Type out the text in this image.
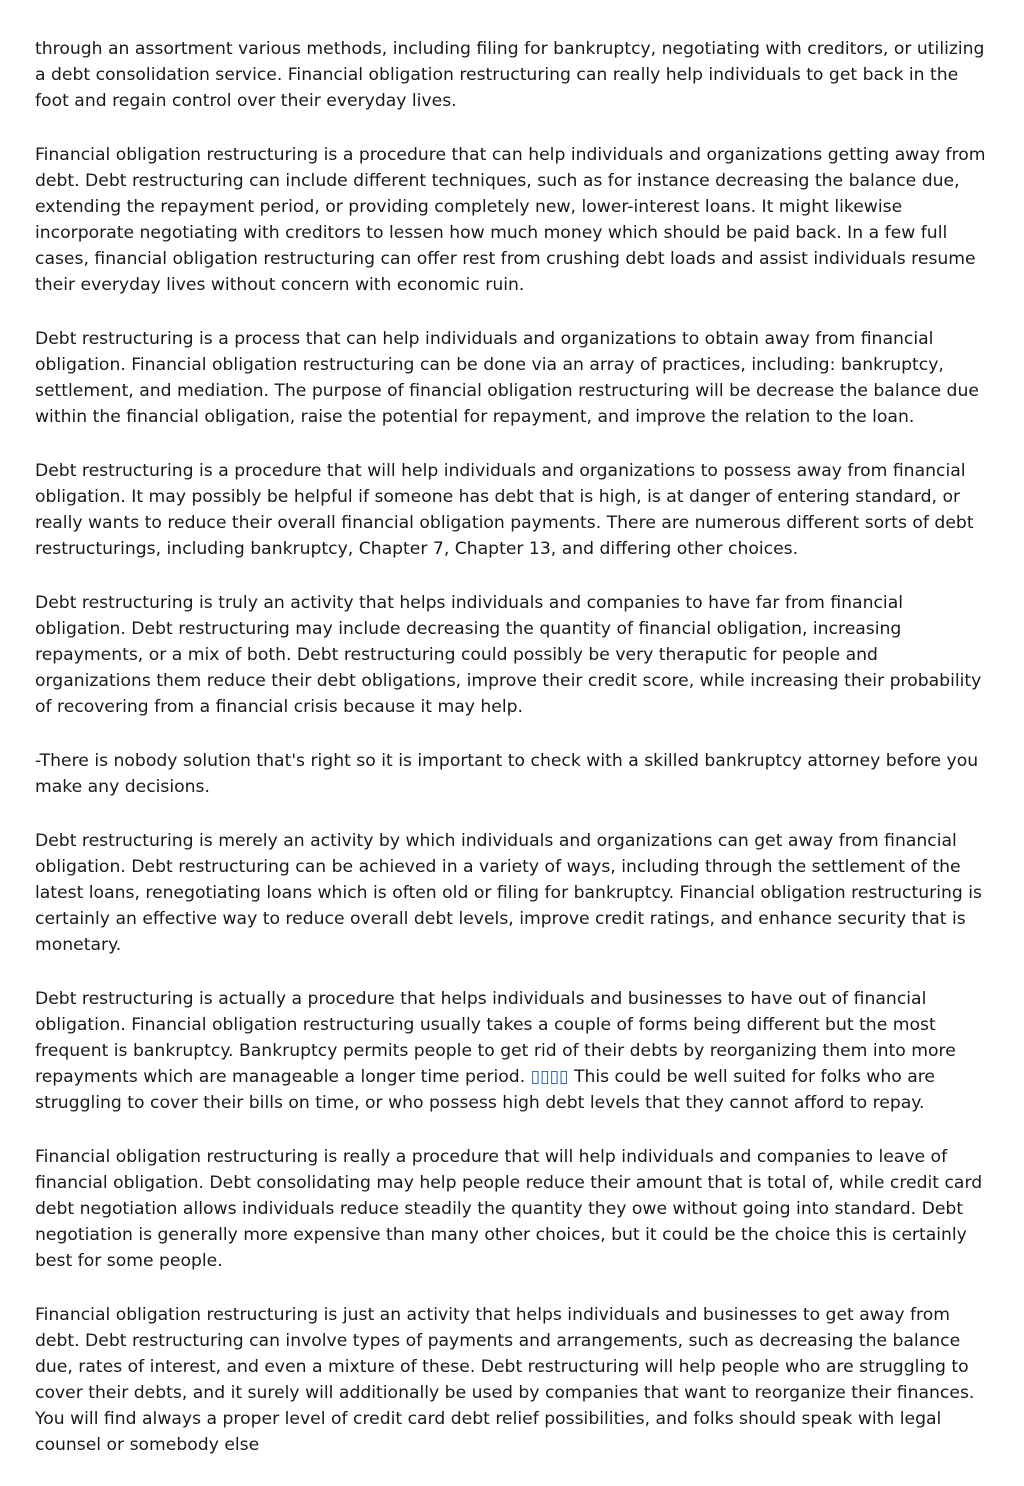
through an assortment various methods, including filing for bankruptcy, negotiating with creditors, or utilizing a debt consolidation service. Financial obligation restructuring can really help individuals to get back in the foot and regain control over their everyday lives.

Financial obligation restructuring is a procedure that can help individuals and organizations getting away from debt. Debt restructuring can include different techniques, such as for instance decreasing the balance due, extending the repayment period, or providing completely new, lower-interest loans. It might likewise incorporate negotiating with creditors to lessen how much money which should be paid back. In a few full cases, financial obligation restructuring can offer rest from crushing debt loads and assist individuals resume their everyday lives without concern with economic ruin.

Debt restructuring is a process that can help individuals and organizations to obtain away from financial obligation. Financial obligation restructuring can be done via an array of practices, including: bankruptcy, settlement, and mediation. The purpose of financial obligation restructuring will be decrease the balance due within the financial obligation, raise the potential for repayment, and improve the relation to the loan.

Debt restructuring is a procedure that will help individuals and organizations to possess away from financial obligation. It may possibly be helpful if someone has debt that is high, is at danger of entering standard, or really wants to reduce their overall financial obligation payments. There are numerous different sorts of debt restructurings, including bankruptcy, Chapter 7, Chapter 13, and differing other choices.

Debt restructuring is truly an activity that helps individuals and companies to have far from financial obligation. Debt restructuring may include decreasing the quantity of financial obligation, increasing repayments, or a mix of both. Debt restructuring could possibly be very theraputic for people and organizations them reduce their debt obligations, improve their credit score, while increasing their probability of recovering from a financial crisis because it may help.

-There is nobody solution that's right so it is important to check with a skilled bankruptcy attorney before you make any decisions.

Debt restructuring is merely an activity by which individuals and organizations can get away from financial obligation. Debt restructuring can be achieved in a variety of ways, including through the settlement of the latest loans, renegotiating loans which is often old or filing for bankruptcy. Financial obligation restructuring is certainly an effective way to reduce overall debt levels, improve credit ratings, and enhance security that is monetary.

Debt restructuring is actually a procedure that helps individuals and businesses to have out of financial obligation. Financial obligation restructuring usually takes a couple of forms being different but the most frequent is bankruptcy. Bankruptcy permits people to get rid of their debts by reorganizing them into more repayments which are manageable a longer time period. ▯▯▯▯ This could be well suited for folks who are struggling to cover their bills on time, or who possess high debt levels that they cannot afford to repay.

Financial obligation restructuring is really a procedure that will help individuals and companies to leave of financial obligation. Debt consolidating may help people reduce their amount that is total of, while credit card debt negotiation allows individuals reduce steadily the quantity they owe without going into standard. Debt negotiation is generally more expensive than many other choices, but it could be the choice this is certainly best for some people.

Financial obligation restructuring is just an activity that helps individuals and businesses to get away from debt. Debt restructuring can involve types of payments and arrangements, such as decreasing the balance due, rates of interest, and even a mixture of these. Debt restructuring will help people who are struggling to cover their debts, and it surely will additionally be used by companies that want to reorganize their finances. You will find always a proper level of credit card debt relief possibilities, and folks should speak with legal counsel or somebody else
